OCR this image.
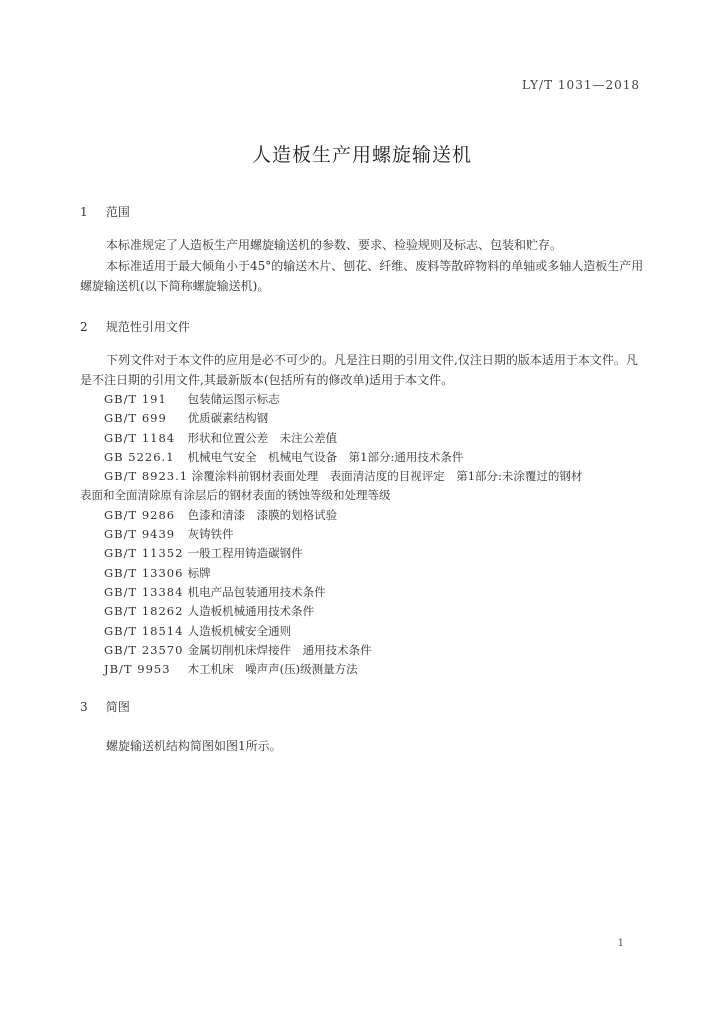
LY/T 1031—2018
人造板生产用螺旋输送机
1 范围
本标准规定了人造板生产用螺旋输送机的参数、要求、检验规则及标志、包装和贮存。
本标准适用于最大倾角小于45°的输送木片、刨花、纤维、废料等散碎物料的单轴或多轴人造板生产用螺旋输送机(以下简称螺旋输送机)。
2 规范性引用文件
下列文件对于本文件的应用是必不可少的。凡是注日期的引用文件,仅注日期的版本适用于本文件。凡是不注日期的引用文件,其最新版本(包括所有的修改单)适用于本文件。
GB/T 191 包装储运图示标志
GB/T 699 优质碳素结构钢
GB/T 1184 形状和位置公差　未注公差值
GB 5226.1 机械电气安全　机械电气设备　第1部分:通用技术条件
GB/T 8923.1 涂覆涂料前钢材表面处理　表面清洁度的目视评定　第1部分:未涂覆过的钢材
表面和全面清除原有涂层后的钢材表面的锈蚀等级和处理等级
GB/T 9286 色漆和清漆　漆膜的划格试验
GB/T 9439 灰铸铁件
GB/T 11352 一般工程用铸造碳钢件
GB/T 13306 标牌
GB/T 13384 机电产品包装通用技术条件
GB/T 18262 人造板机械通用技术条件
GB/T 18514 人造板机械安全通则
GB/T 23570 金属切削机床焊接件　通用技术条件
JB/T 9953 木工机床　噪声声(压)级测量方法
3 简图
螺旋输送机结构简图如图1所示。
1
